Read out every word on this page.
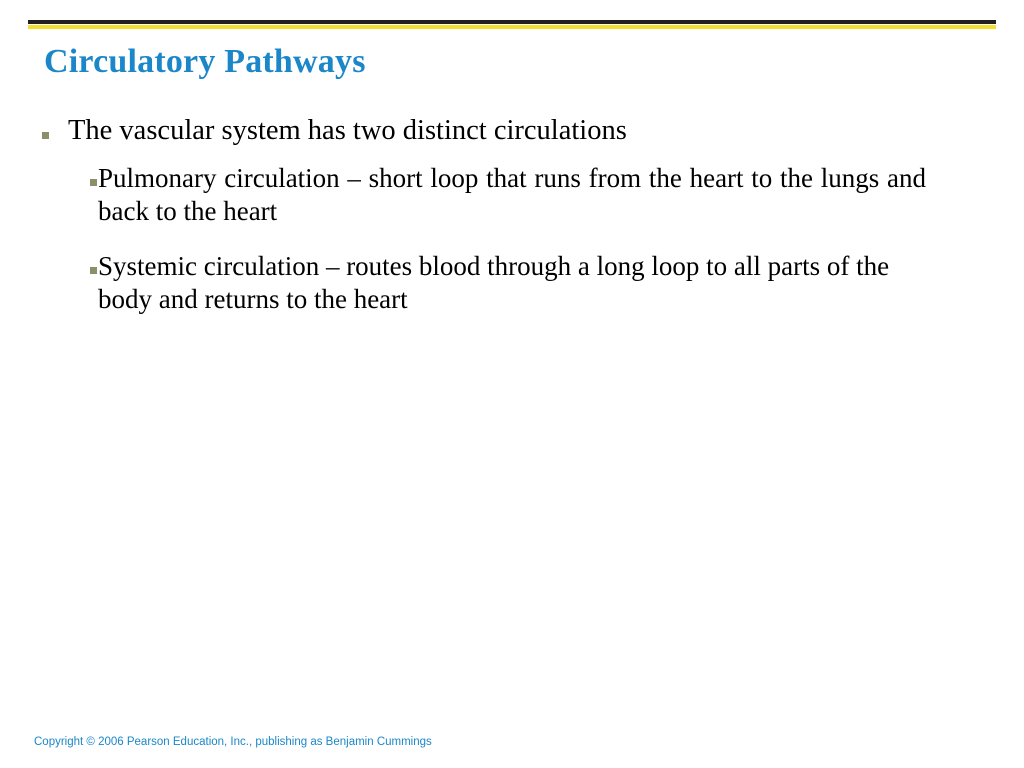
Circulatory Pathways
The vascular system has two distinct circulations
Pulmonary circulation – short loop that runs from the heart to the lungs and back to the heart
Systemic circulation – routes blood through a long loop to all parts of the body and returns to the heart
Copyright © 2006 Pearson Education, Inc., publishing as Benjamin Cummings
